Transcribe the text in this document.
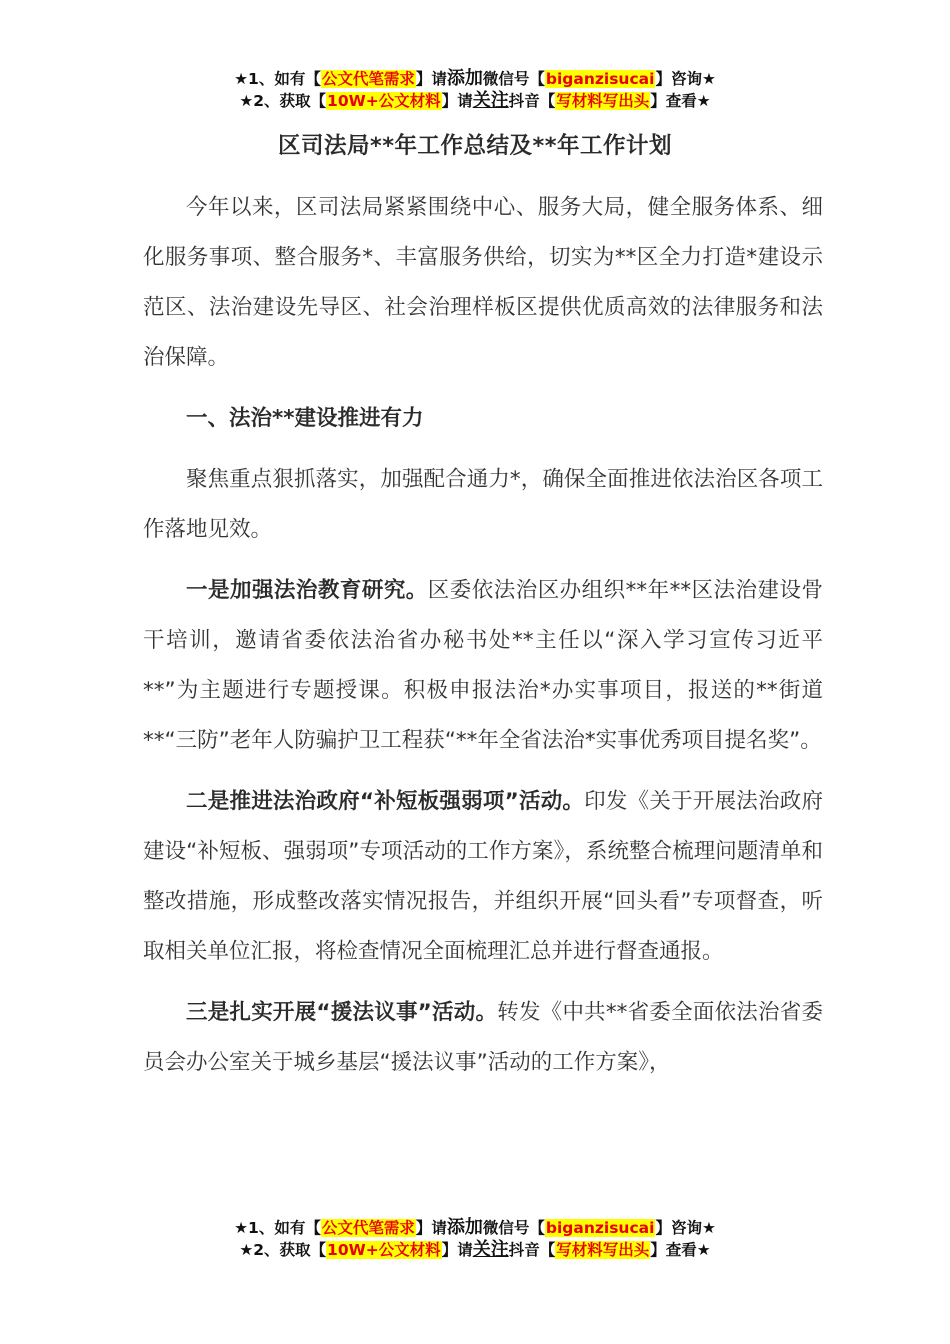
★1、如有【公文代笔需求】请添加微信号【biganzisucai】咨询★
★2、获取【10W+公文材料】请关注抖音【写材料写出头】查看★
区司法局**年工作总结及**年工作计划

今年以来，区司法局紧紧围绕中心、服务大局，健全服务体系、细化服务事项、整合服务*、丰富服务供给，切实为**区全力打造*建设示范区、法治建设先导区、社会治理样板区提供优质高效的法律服务和法治保障。

一、法治**建设推进有力

聚焦重点狠抓落实，加强配合通力*，确保全面推进依法治区各项工作落地见效。

一是加强法治教育研究。区委依法治区办组织**年**区法治建设骨干培训，邀请省委依法治省办秘书处**主任以“深入学习宣传习近平**”为主题进行专题授课。积极申报法治*办实事项目，报送的**街道**“三防”老年人防骗护卫工程获“**年全省法治*实事优秀项目提名奖”。

二是推进法治政府“补短板强弱项”活动。印发《关于开展法治政府建设“补短板、强弱项”专项活动的工作方案》，系统整合梳理问题清单和整改措施，形成整改落实情况报告，并组织开展“回头看”专项督查，听取相关单位汇报，将检查情况全面梳理汇总并进行督查通报。

三是扎实开展“援法议事”活动。转发《中共**省委全面依法治省委员会办公室关于城乡基层“援法议事”活动的工作方案》，

★1、如有【公文代笔需求】请添加微信号【biganzisucai】咨询★
★2、获取【10W+公文材料】请关注抖音【写材料写出头】查看★
